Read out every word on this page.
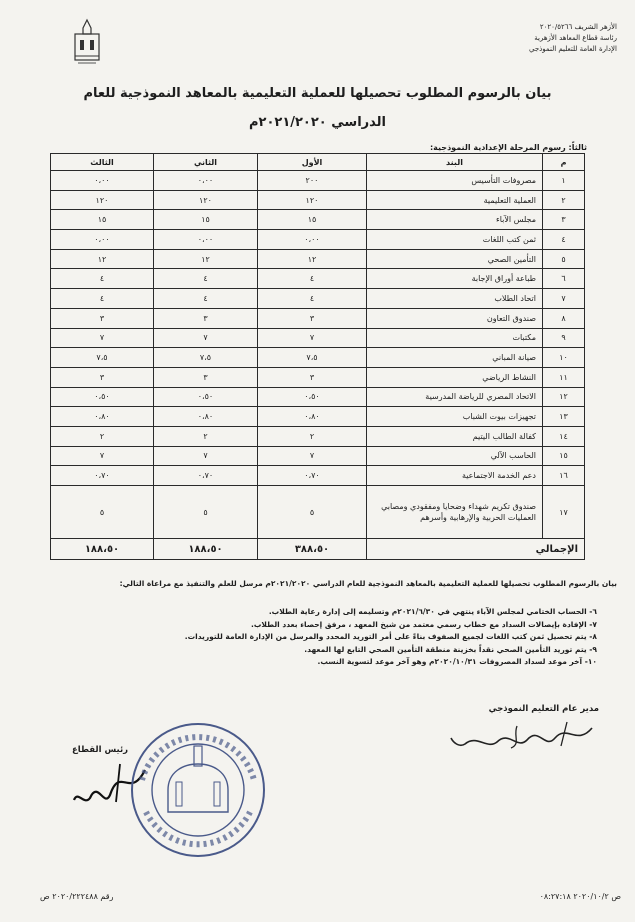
الأزهر الشريف ٢٠٢٠/٥٢٦٦
رئاسة قطاع المعاهد الأزهرية
الإدارة العامة للتعليم النموذجي
بيان بالرسوم المطلوب تحصيلها للعملية التعليمية بالمعاهد النموذجية للعام
الدراسي ٢٠٢١/٢٠٢٠م
ثالثاً: رسوم المرحلة الإعدادية النموذجية:
م	البند	الأول	الثاني	الثالث
١	مصروفات التأسيس	٢٠٠	٠،٠٠	٠،٠٠
٢	العملية التعليمية	١٢٠	١٢٠	١٢٠
٣	مجلس الآباء	١٥	١٥	١٥
٤	ثمن كتب اللغات	٠،٠٠	٠،٠٠	٠،٠٠
٥	التأمين الصحي	١٢	١٢	١٢
٦	طباعة أوراق الإجابة	٤	٤	٤
٧	اتحاد الطلاب	٤	٤	٤
٨	صندوق التعاون	٣	٣	٣
٩	مكتبات	٧	٧	٧
١٠	صيانة المباني	٧،٥	٧،٥	٧،٥
١١	النشاط الرياضي	٣	٣	٣
١٢	الاتحاد المصري للرياضة المدرسية	٠،٥٠	٠،٥٠	٠،٥٠
١٣	تجهيزات بيوت الشباب	٠،٨٠	٠،٨٠	٠،٨٠
١٤	كفالة الطالب اليتيم	٢	٢	٢
١٥	الحاسب الآلي	٧	٧	٧
١٦	دعم الخدمة الاجتماعية	٠،٧٠	٠،٧٠	٠،٧٠
١٧	صندوق تكريم شهداء وضحايا ومفقودي ومصابي العمليات الحربية والإرهابية وأسرهم	٥	٥	٥
الإجمالي		٣٨٨،٥٠	١٨٨،٥٠	١٨٨،٥٠
بيان بالرسوم المطلوب تحصيلها للعملية التعليمية بالمعاهد النموذجية للعام الدراسي ٢٠٢١/٢٠٢٠م مرسل للعلم والتنفيذ مع مراعاة التالي:
٦- الحساب الختامي لمجلس الآباء ينتهي في ٢٠٢١/٦/٣٠م وتسليمه إلى إدارة رعاية الطلاب.
٧- الإفادة بإيصالات السداد مع خطاب رسمي معتمد من شيخ المعهد ، مرفق إحصاء بعدد الطلاب.
٨- يتم تحصيل ثمن كتب اللغات لجميع الصفوف بناءً على أمر التوريد المحدد والمرسل من الإدارة العامة للتوريدات.
٩- يتم توريد التأمين الصحي نقداً بخزينة منطقة التأمين الصحي التابع لها المعهد.
١٠- آخر موعد لسداد المصروفات ٢٠٢٠/١٠/٣١م وهو آخر موعد لتسوية النسب.
مدير عام التعليم النموذجي
رئيس القطاع
ص ٢٠٢٠/١٠/٢ ٠٨:٢٧:١٨
رقم ٢٠٢٠/٢٢٢٤٨٨ ص
